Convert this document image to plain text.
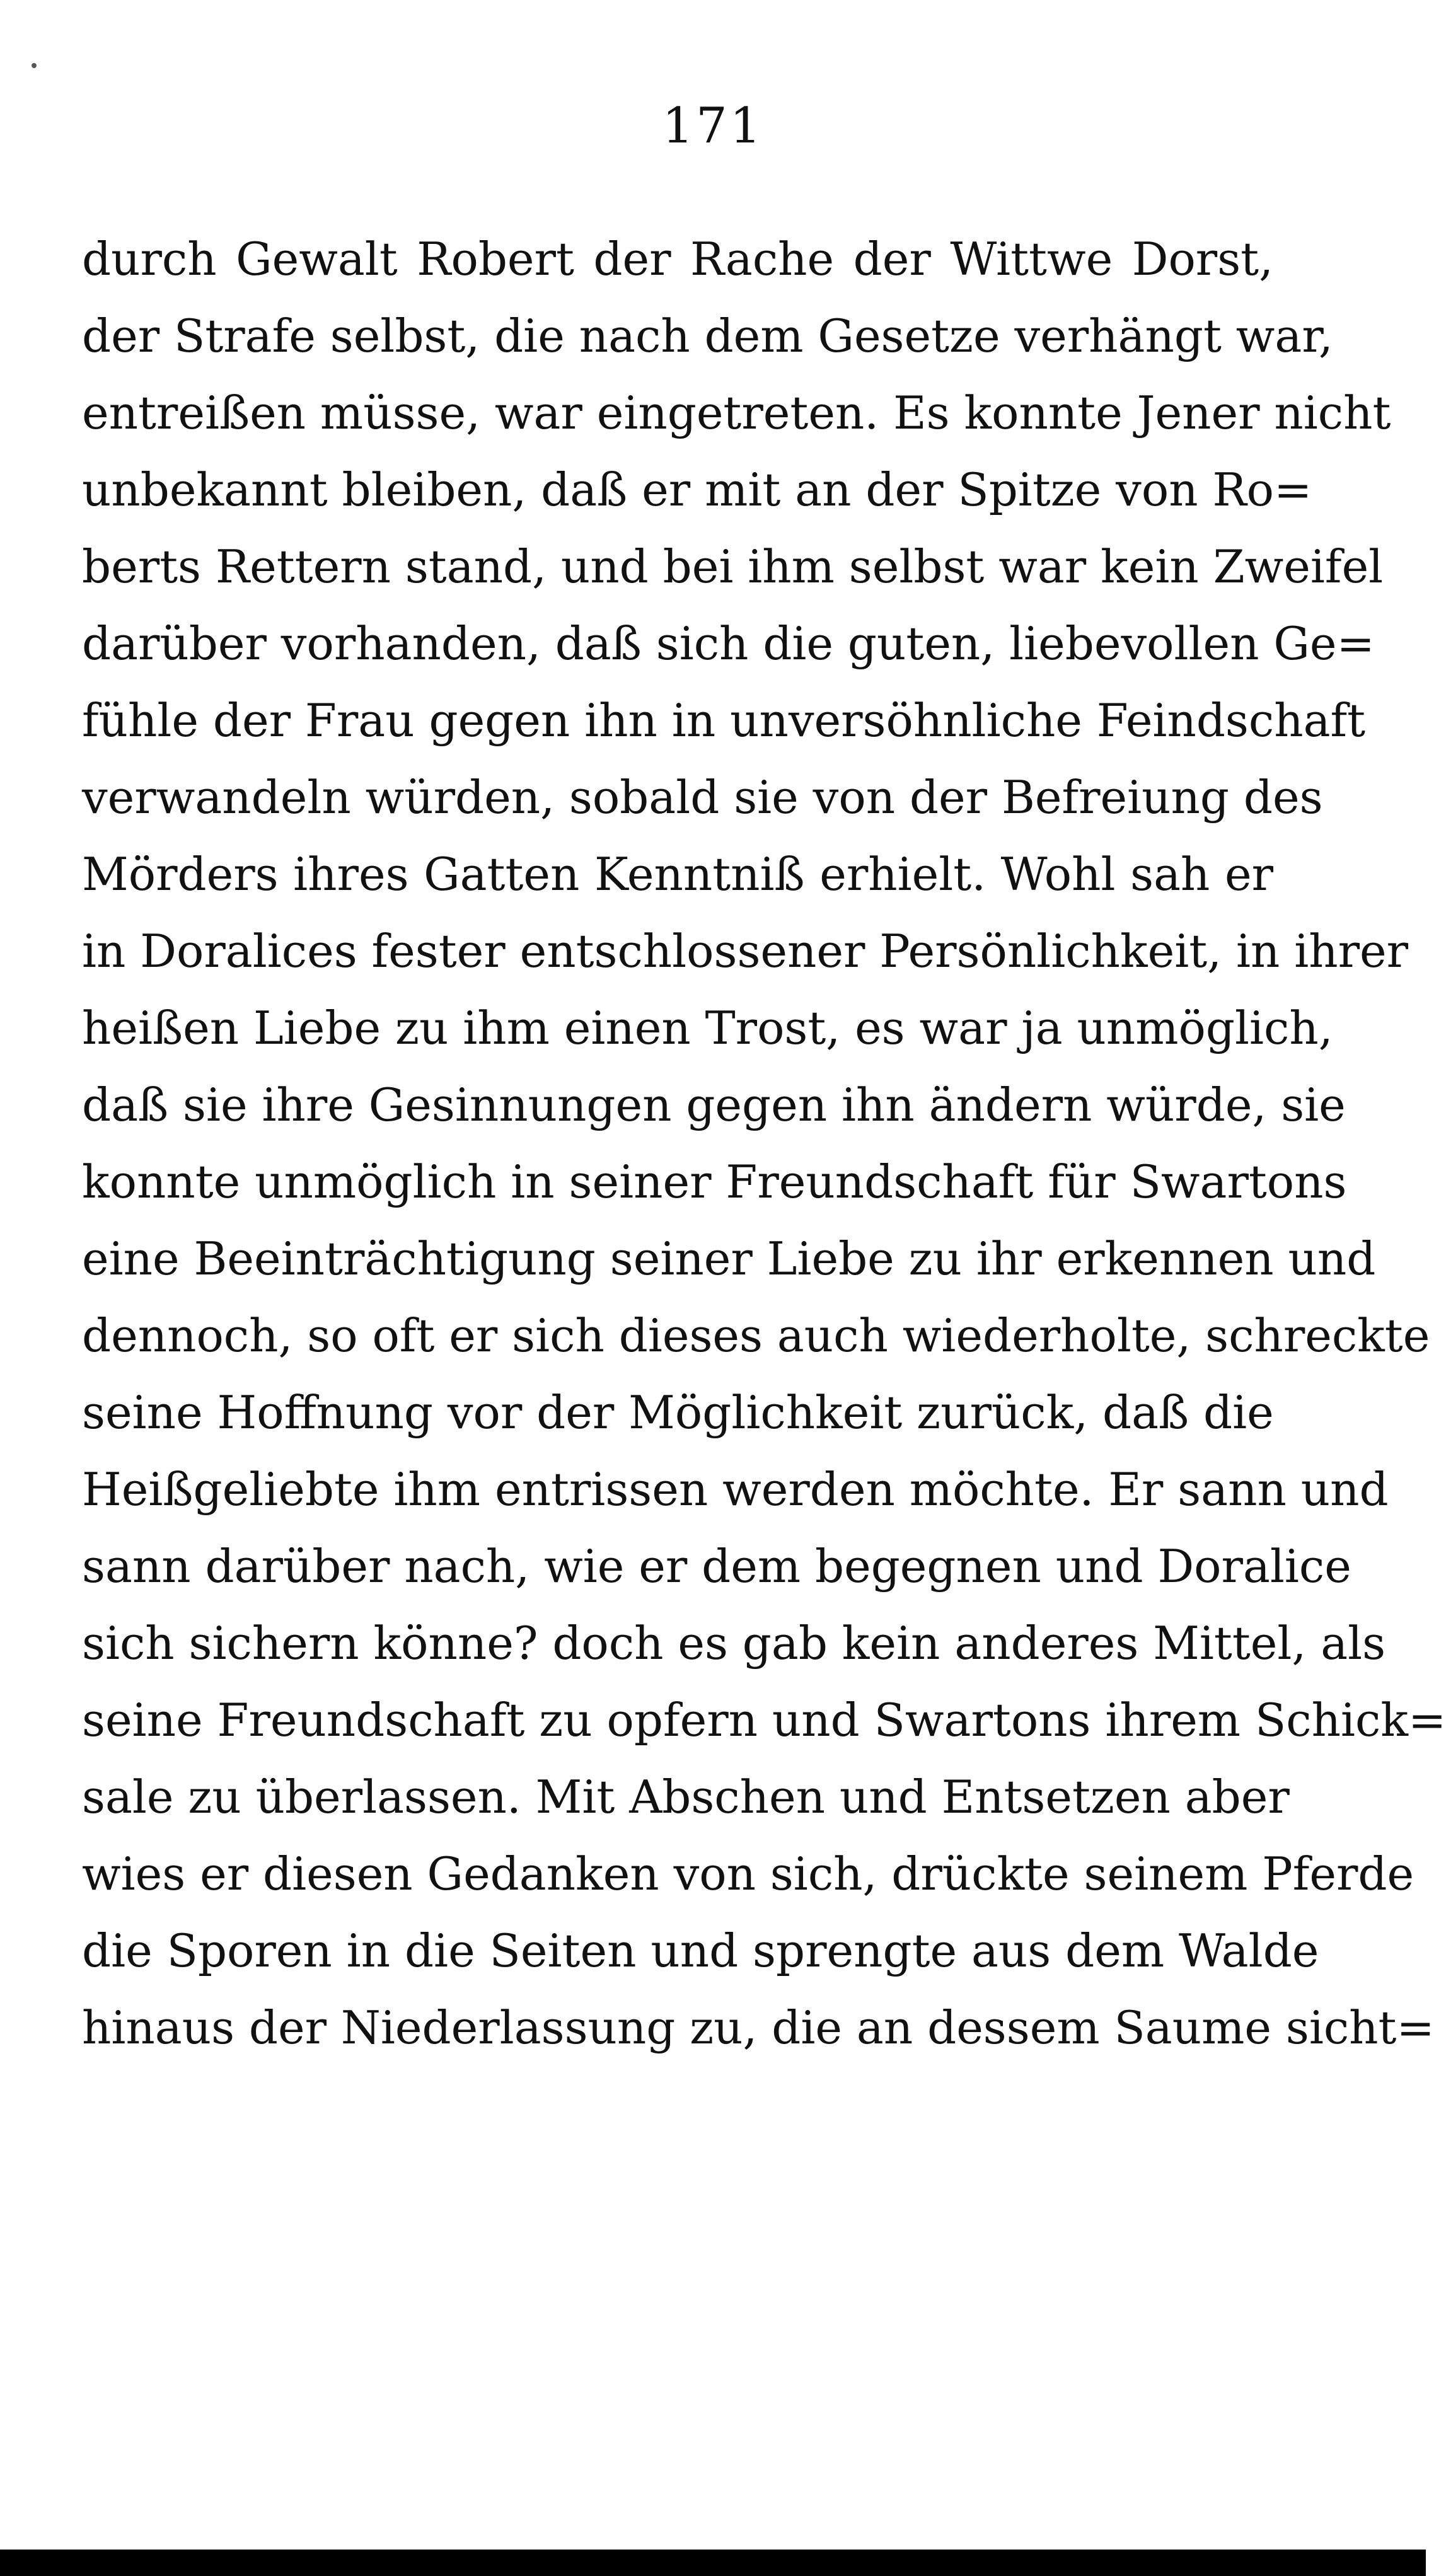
171
durch Gewalt Robert der Rache der Wittwe Dorst,
der Strafe selbst, die nach dem Gesetze verhängt war,
entreißen müsse, war eingetreten. Es konnte Jener nicht
unbekannt bleiben, daß er mit an der Spitze von Ro=
berts Rettern stand, und bei ihm selbst war kein Zweifel
darüber vorhanden, daß sich die guten, liebevollen Ge=
fühle der Frau gegen ihn in unversöhnliche Feindschaft
verwandeln würden, sobald sie von der Befreiung des
Mörders ihres Gatten Kenntniß erhielt. Wohl sah er
in Doralices fester entschlossener Persönlichkeit, in ihrer
heißen Liebe zu ihm einen Trost, es war ja unmöglich,
daß sie ihre Gesinnungen gegen ihn ändern würde, sie
konnte unmöglich in seiner Freundschaft für Swartons
eine Beeinträchtigung seiner Liebe zu ihr erkennen und
dennoch, so oft er sich dieses auch wiederholte, schreckte
seine Hoffnung vor der Möglichkeit zurück, daß die
Heißgeliebte ihm entrissen werden möchte. Er sann und
sann darüber nach, wie er dem begegnen und Doralice
sich sichern könne? doch es gab kein anderes Mittel, als
seine Freundschaft zu opfern und Swartons ihrem Schick=
sale zu überlassen. Mit Abschen und Entsetzen aber
wies er diesen Gedanken von sich, drückte seinem Pferde
die Sporen in die Seiten und sprengte aus dem Walde
hinaus der Niederlassung zu, die an dessem Saume sicht=
